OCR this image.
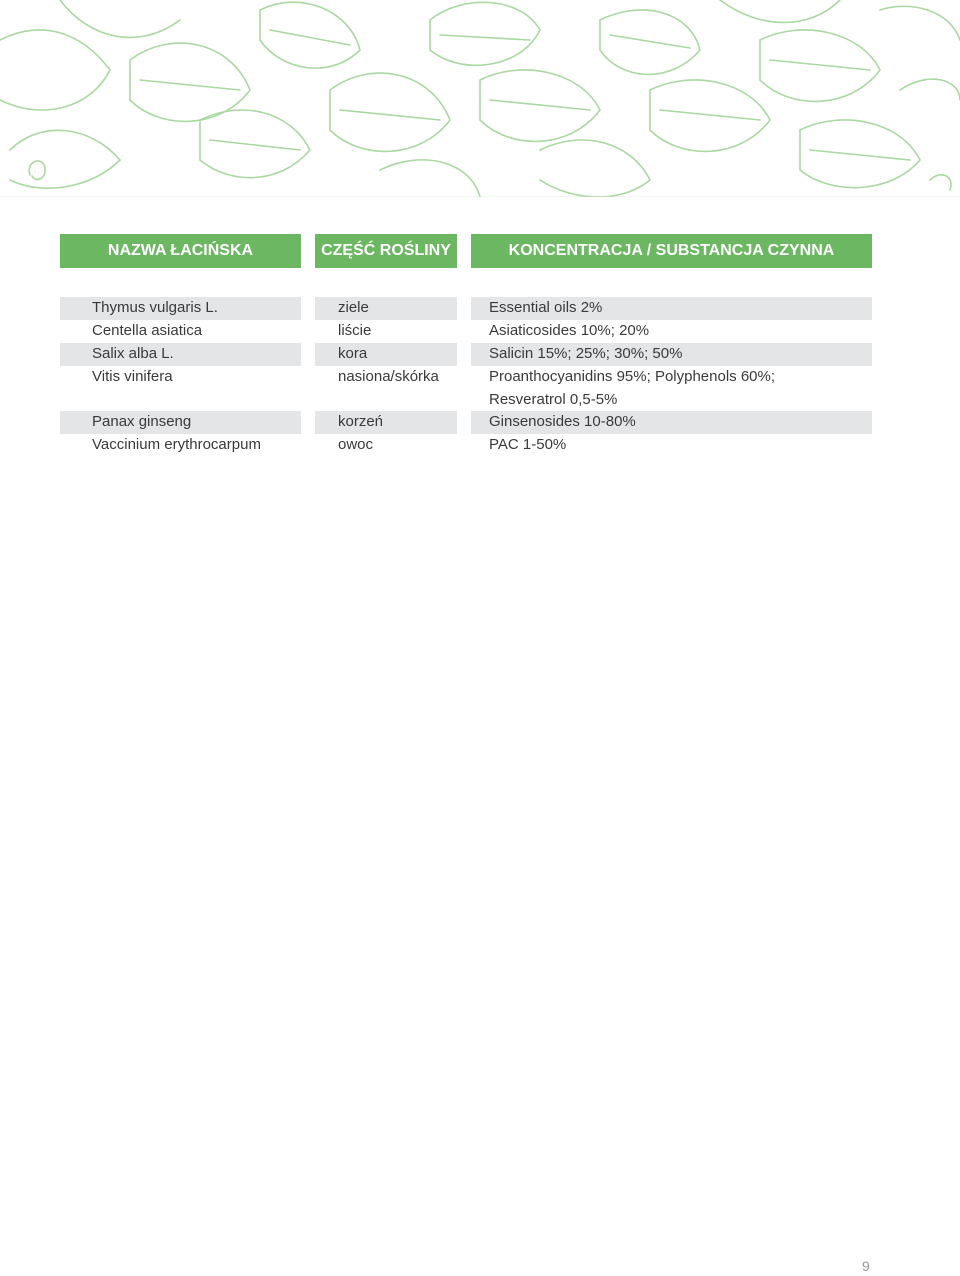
NAZWA ŁACIŃSKA	CZĘŚĆ ROŚLINY	KONCENTRACJA / SUBSTANCJA CZYNNA
Thymus vulgaris L.	ziele	Essential oils 2%
Centella asiatica	liście	Asiaticosides 10%; 20%
Salix alba L.	kora	Salicin 15%; 25%; 30%; 50%
Vitis vinifera	nasiona/skórka	Proanthocyanidins 95%; Polyphenols 60%;
Resveratrol 0,5-5%
Panax ginseng	korzeń	Ginsenosides 10-80%
Vaccinium erythrocarpum	owoc	PAC 1-50%
9
